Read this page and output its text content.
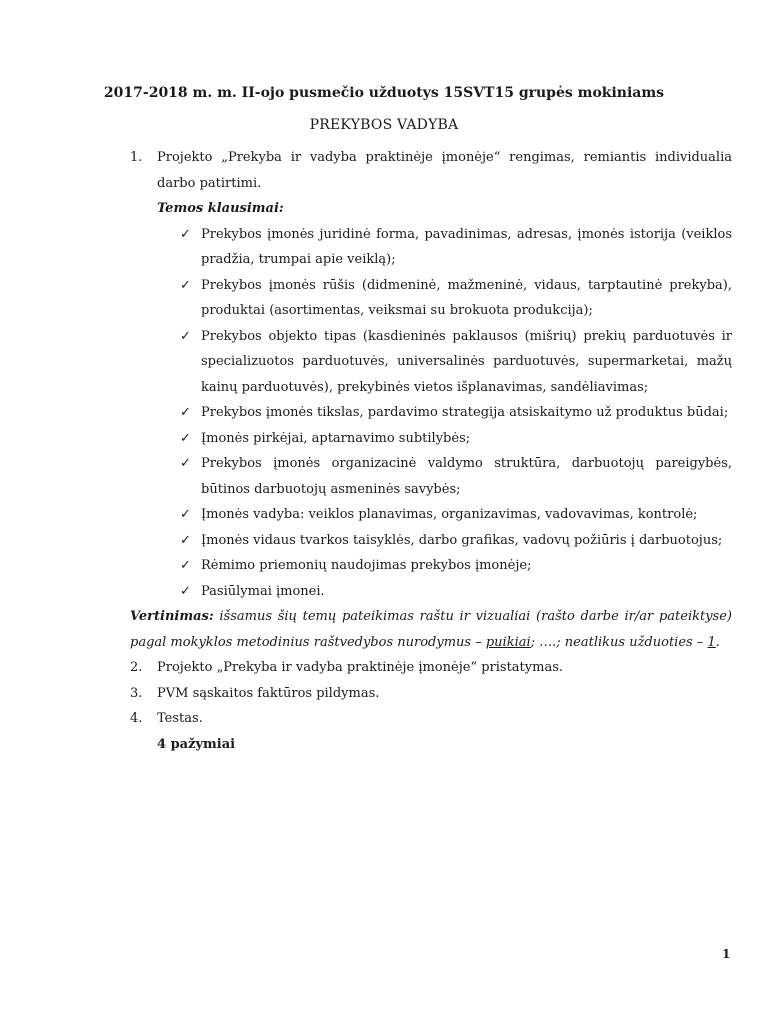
2017-2018 m. m. II-ojo pusmečio užduotys 15SVT15 grupės mokiniams
PREKYBOS VADYBA
1. Projekto „Prekyba ir vadyba praktinėje įmonėje“ rengimas, remiantis individualia darbo patirtimi.
Temos klausimai:
✓ Prekybos įmonės juridinė forma, pavadinimas, adresas, įmonės istorija (veiklos pradžia, trumpai apie veiklą);
✓ Prekybos įmonės rūšis (didmeninė, mažmeninė, vidaus, tarptautinė prekyba), produktai (asortimentas, veiksmai su brokuota produkcija);
✓ Prekybos objekto tipas (kasdieninės paklausos (mišrių) prekių parduotuvės ir specializuotos parduotuvės, universalinės parduotuvės, supermarketai, mažų kainų parduotuvės), prekybinės vietos išplanavimas, sandėliavimas;
✓ Prekybos įmonės tikslas, pardavimo strategija atsiskaitymo už produktus būdai;
✓ Įmonės pirkėjai, aptarnavimo subtilybės;
✓ Prekybos įmonės organizacinė valdymo struktūra, darbuotojų pareigybės, būtinos darbuotojų asmeninės savybės;
✓ Įmonės vadyba: veiklos planavimas, organizavimas, vadovavimas, kontrolė;
✓ Įmonės vidaus tvarkos taisyklės, darbo grafikas, vadovų požiūris į darbuotojus;
✓ Rėmimo priemonių naudojimas prekybos įmonėje;
✓ Pasiūlymai įmonei.
Vertinimas: išsamus šių temų pateikimas raštu ir vizualiai (rašto darbe ir/ar pateiktyse) pagal mokyklos metodinius raštvedybos nurodymus – puikiai; ….; neatlikus užduoties – 1.
2. Projekto „Prekyba ir vadyba praktinėje įmonėje“ pristatymas.
3. PVM sąskaitos faktūros pildymas.
4. Testas.
4 pažymiai
1
